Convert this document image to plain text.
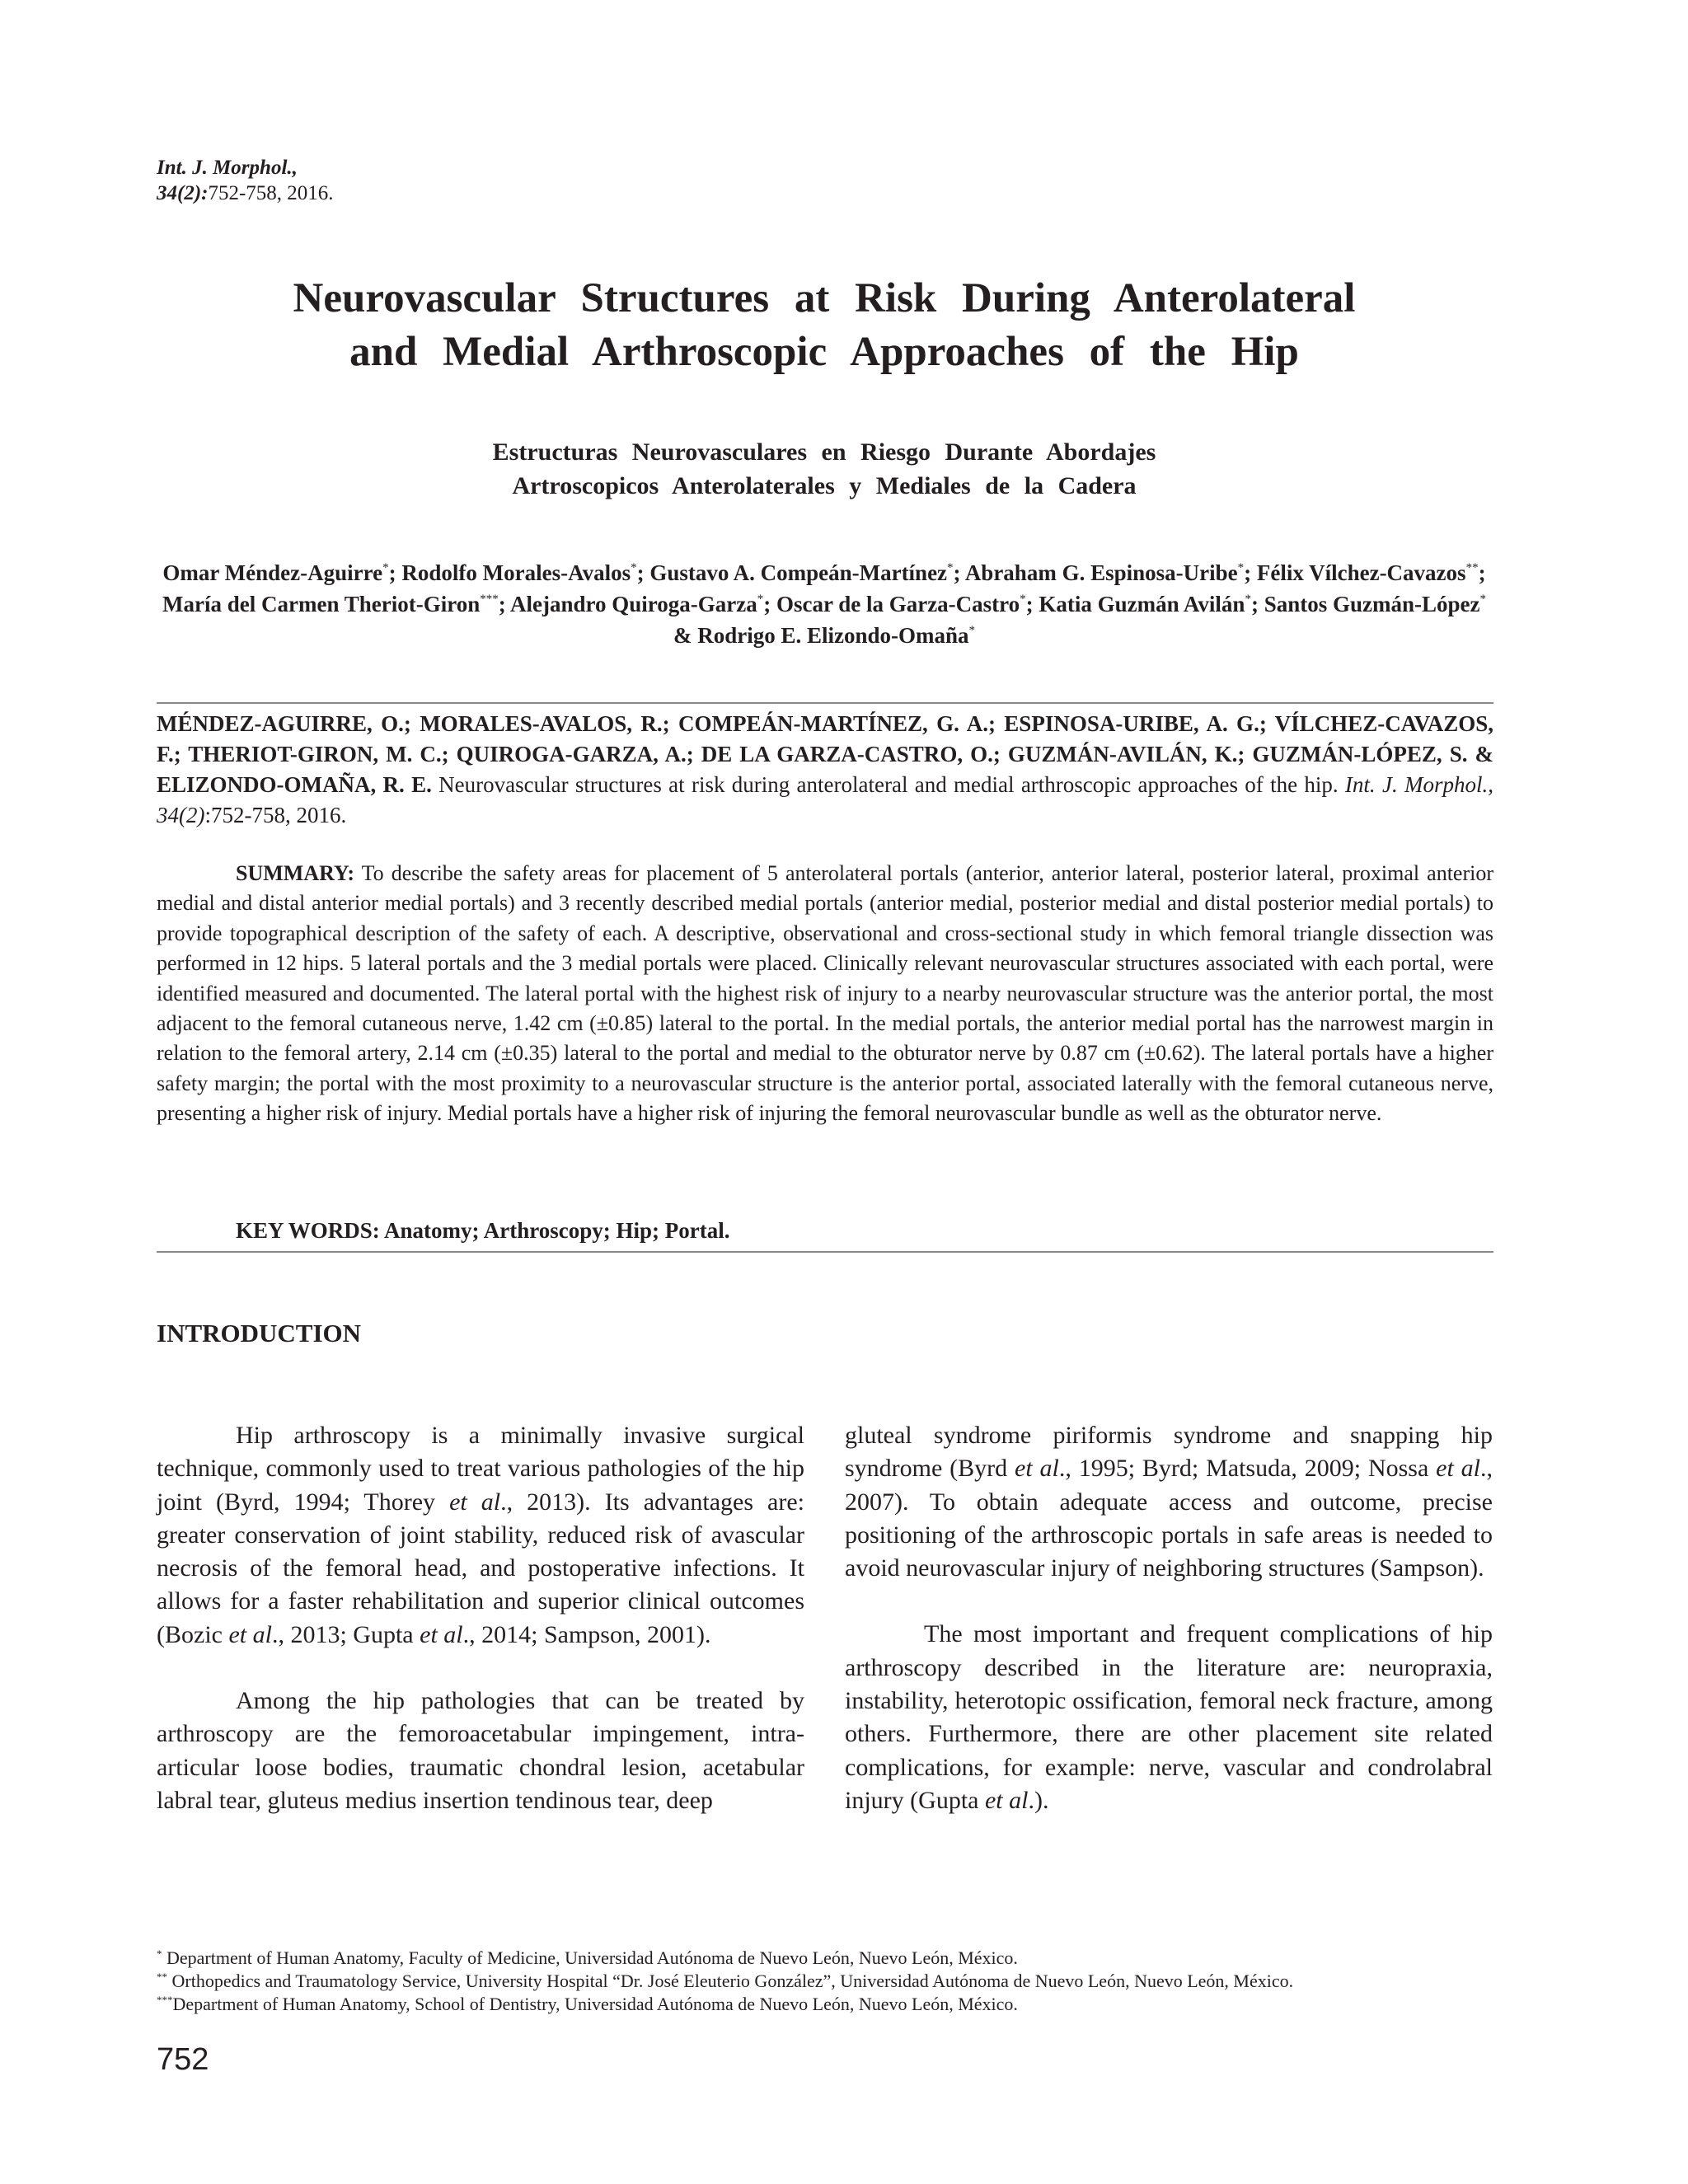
Int. J. Morphol.,
34(2):752-758, 2016.
Neurovascular Structures at Risk During Anterolateral
and Medial Arthroscopic Approaches of the Hip
Estructuras Neurovasculares en Riesgo Durante Abordajes
Artroscopicos Anterolaterales y Mediales de la Cadera
Omar Méndez-Aguirre*; Rodolfo Morales-Avalos*; Gustavo A. Compeán-Martínez*; Abraham G. Espinosa-Uribe*; Félix Vílchez-Cavazos**; María del Carmen Theriot-Giron***; Alejandro Quiroga-Garza*; Oscar de la Garza-Castro*; Katia Guzmán Avilán*; Santos Guzmán-López* & Rodrigo E. Elizondo-Omaña*
MÉNDEZ-AGUIRRE, O.; MORALES-AVALOS, R.; COMPEÁN-MARTÍNEZ, G. A.; ESPINOSA-URIBE, A. G.; VÍLCHEZ-CAVAZOS, F.; THERIOT-GIRON, M. C.; QUIROGA-GARZA, A.; DE LA GARZA-CASTRO, O.; GUZMÁN-AVILÁN, K.; GUZMÁN-LÓPEZ, S. & ELIZONDO-OMAÑA, R. E. Neurovascular structures at risk during anterolateral and medial arthroscopic approaches of the hip. Int. J. Morphol., 34(2):752-758, 2016.
SUMMARY: To describe the safety areas for placement of 5 anterolateral portals (anterior, anterior lateral, posterior lateral, proximal anterior medial and distal anterior medial portals) and 3 recently described medial portals (anterior medial, posterior medial and distal posterior medial portals) to provide topographical description of the safety of each. A descriptive, observational and cross-sectional study in which femoral triangle dissection was performed in 12 hips. 5 lateral portals and the 3 medial portals were placed. Clinically relevant neurovascular structures associated with each portal, were identified measured and documented. The lateral portal with the highest risk of injury to a nearby neurovascular structure was the anterior portal, the most adjacent to the femoral cutaneous nerve, 1.42 cm (±0.85) lateral to the portal. In the medial portals, the anterior medial portal has the narrowest margin in relation to the femoral artery, 2.14 cm (±0.35) lateral to the portal and medial to the obturator nerve by 0.87 cm (±0.62). The lateral portals have a higher safety margin; the portal with the most proximity to a neurovascular structure is the anterior portal, associated laterally with the femoral cutaneous nerve, presenting a higher risk of injury. Medial portals have a higher risk of injuring the femoral neurovascular bundle as well as the obturator nerve.
KEY WORDS: Anatomy; Arthroscopy; Hip; Portal.
INTRODUCTION

Hip arthroscopy is a minimally invasive surgical technique, commonly used to treat various pathologies of the hip joint (Byrd, 1994; Thorey et al., 2013). Its advantages are: greater conservation of joint stability, reduced risk of avascular necrosis of the femoral head, and postoperative infections. It allows for a faster rehabilitation and superior clinical outcomes (Bozic et al., 2013; Gupta et al., 2014; Sampson, 2001).

Among the hip pathologies that can be treated by arthroscopy are the femoroacetabular impingement, intra-articular loose bodies, traumatic chondral lesion, acetabular labral tear, gluteus medius insertion tendinous tear, deep

gluteal syndrome piriformis syndrome and snapping hip syndrome (Byrd et al., 1995; Byrd; Matsuda, 2009; Nossa et al., 2007). To obtain adequate access and outcome, precise positioning of the arthroscopic portals in safe areas is needed to avoid neurovascular injury of neighboring structures (Sampson).

The most important and frequent complications of hip arthroscopy described in the literature are: neuropraxia, instability, heterotopic ossification, femoral neck fracture, among others. Furthermore, there are other placement site related complications, for example: nerve, vascular and condrolabral injury (Gupta et al.).

* Department of Human Anatomy, Faculty of Medicine, Universidad Autónoma de Nuevo León, Nuevo León, México.
** Orthopedics and Traumatology Service, University Hospital “Dr. José Eleuterio González”, Universidad Autónoma de Nuevo León, Nuevo León, México.
***Department of Human Anatomy, School of Dentistry, Universidad Autónoma de Nuevo León, Nuevo León, México.
752
